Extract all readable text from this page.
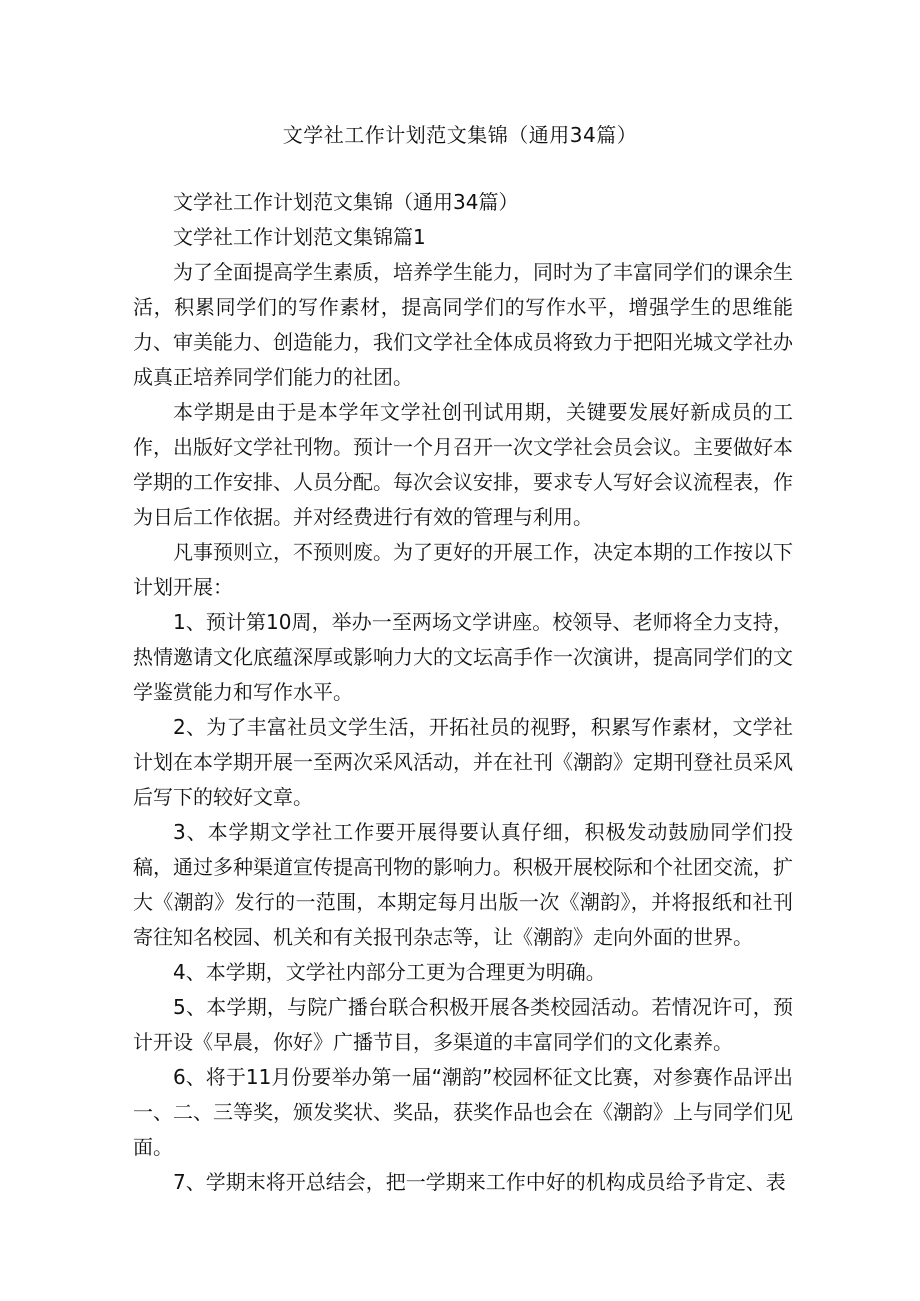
文学社工作计划范文集锦（通用34篇）

文学社工作计划范文集锦（通用34篇）

文学社工作计划范文集锦篇1

为了全面提高学生素质，培养学生能力，同时为了丰富同学们的课余生活，积累同学们的写作素材，提高同学们的写作水平，增强学生的思维能力、审美能力、创造能力，我们文学社全体成员将致力于把阳光城文学社办成真正培养同学们能力的社团。

本学期是由于是本学年文学社创刊试用期，关键要发展好新成员的工作，出版好文学社刊物。预计一个月召开一次文学社会员会议。主要做好本学期的工作安排、人员分配。每次会议安排，要求专人写好会议流程表，作为日后工作依据。并对经费进行有效的管理与利用。

凡事预则立，不预则废。为了更好的开展工作，决定本期的工作按以下计划开展：

1、预计第10周，举办一至两场文学讲座。校领导、老师将全力支持，热情邀请文化底蕴深厚或影响力大的文坛高手作一次演讲，提高同学们的文学鉴赏能力和写作水平。

2、为了丰富社员文学生活，开拓社员的视野，积累写作素材，文学社计划在本学期开展一至两次采风活动，并在社刊《潮韵》定期刊登社员采风后写下的较好文章。

3、本学期文学社工作要开展得要认真仔细，积极发动鼓励同学们投稿，通过多种渠道宣传提高刊物的影响力。积极开展校际和个社团交流，扩大《潮韵》发行的一范围，本期定每月出版一次《潮韵》，并将报纸和社刊寄往知名校园、机关和有关报刊杂志等，让《潮韵》走向外面的世界。

4、本学期，文学社内部分工更为合理更为明确。

5、本学期，与院广播台联合积极开展各类校园活动。若情况许可，预计开设《早晨，你好》广播节目，多渠道的丰富同学们的文化素养。

6、将于11月份要举办第一届“潮韵”校园杯征文比赛，对参赛作品评出一、二、三等奖，颁发奖状、奖品，获奖作品也会在《潮韵》上与同学们见面。

7、学期末将开总结会，把一学期来工作中好的机构成员给予肯定、表
